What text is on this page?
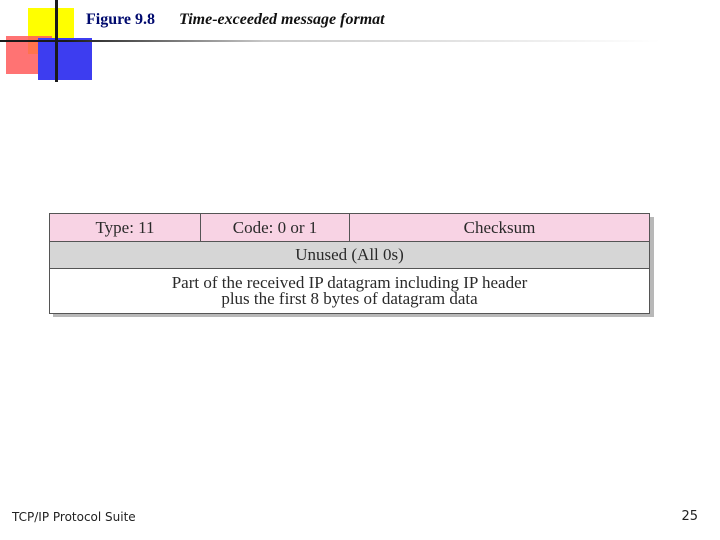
Figure 9.8 Time-exceeded message format
Type: 11	Code: 0 or 1	Checksum
Unused (All 0s)
Part of the received IP datagram including IP header
plus the first 8 bytes of datagram data
TCP/IP Protocol Suite	25
